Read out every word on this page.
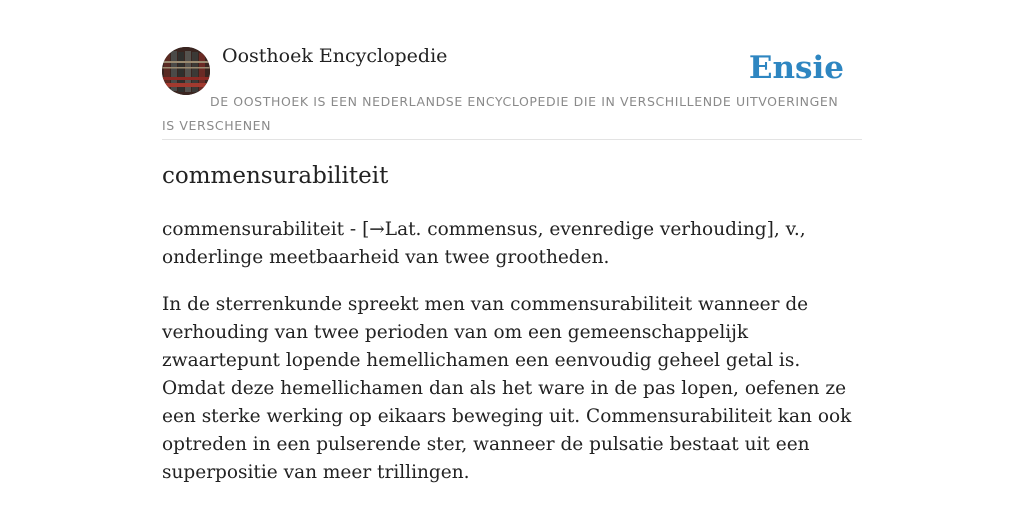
Oosthoek Encyclopedie	Ensie
DE OOSTHOEK IS EEN NEDERLANDSE ENCYCLOPEDIE DIE IN VERSCHILLENDE UITVOERINGEN IS VERSCHENEN
commensurabiliteit

commensurabiliteit - [→Lat. commensus, evenredige verhouding], v., onderlinge meetbaarheid van twee grootheden.

In de sterrenkunde spreekt men van commensurabiliteit wanneer de verhouding van twee perioden van om een gemeenschappelijk zwaartepunt lopende hemellichamen een eenvoudig geheel getal is.

Omdat deze hemellichamen dan als het ware in de pas lopen, oefenen ze een sterke werking op eikaars beweging uit. Commensurabiliteit kan ook optreden in een pulserende ster, wanneer de pulsatie bestaat uit een superpositie van meer trillingen.
